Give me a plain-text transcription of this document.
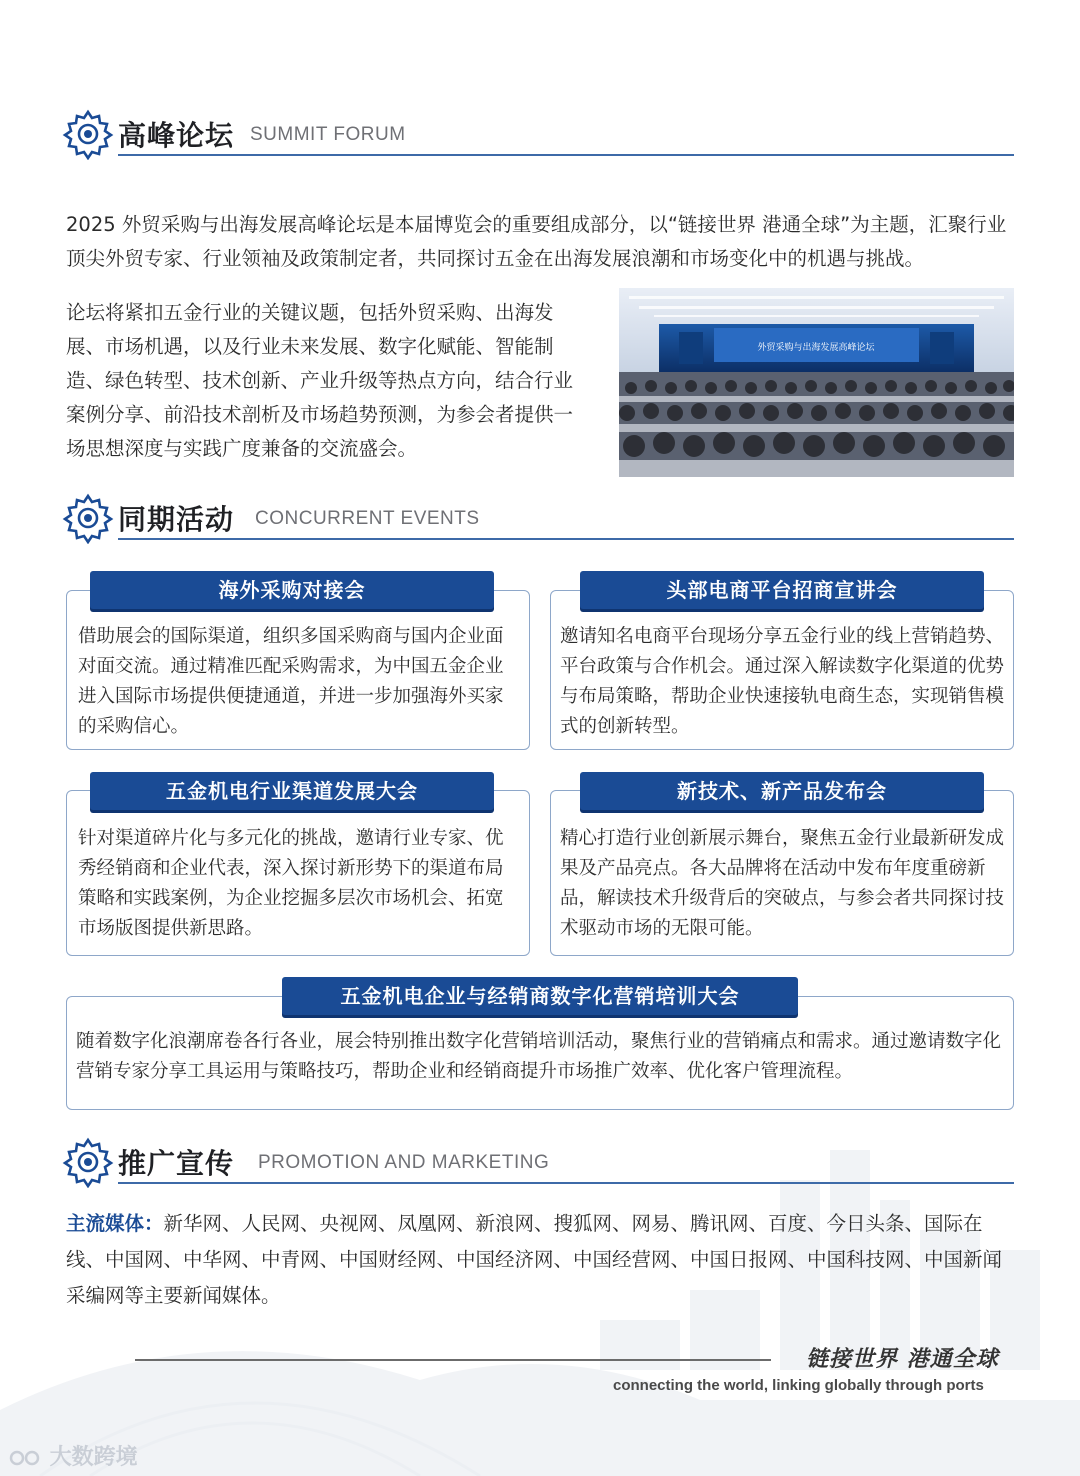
高峰论坛 SUMMIT FORUM
2025 外贸采购与出海发展高峰论坛是本届博览会的重要组成部分，以“链接世界 港通全球”为主题，汇聚行业顶尖外贸专家、行业领袖及政策制定者，共同探讨五金在出海发展浪潮和市场变化中的机遇与挑战。
论坛将紧扣五金行业的关键议题，包括外贸采购、出海发展、市场机遇，以及行业未来发展、数字化赋能、智能制造、绿色转型、技术创新、产业升级等热点方向，结合行业案例分享、前沿技术剖析及市场趋势预测，为参会者提供一场思想深度与实践广度兼备的交流盛会。
外贸采购与出海发展高峰论坛
同期活动 CONCURRENT EVENTS
海外采购对接会
借助展会的国际渠道，组织多国采购商与国内企业面对面交流。通过精准匹配采购需求，为中国五金企业进入国际市场提供便捷通道，并进一步加强海外买家的采购信心。
头部电商平台招商宣讲会
邀请知名电商平台现场分享五金行业的线上营销趋势、平台政策与合作机会。通过深入解读数字化渠道的优势与布局策略，帮助企业快速接轨电商生态，实现销售模式的创新转型。
五金机电行业渠道发展大会
针对渠道碎片化与多元化的挑战，邀请行业专家、优秀经销商和企业代表，深入探讨新形势下的渠道布局策略和实践案例，为企业挖掘多层次市场机会、拓宽市场版图提供新思路。
新技术、新产品发布会
精心打造行业创新展示舞台，聚焦五金行业最新研发成果及产品亮点。各大品牌将在活动中发布年度重磅新品，解读技术升级背后的突破点，与参会者共同探讨技术驱动市场的无限可能。
五金机电企业与经销商数字化营销培训大会
随着数字化浪潮席卷各行各业，展会特别推出数字化营销培训活动，聚焦行业的营销痛点和需求。通过邀请数字化营销专家分享工具运用与策略技巧，帮助企业和经销商提升市场推广效率、优化客户管理流程。
推广宣传 PROMOTION AND MARKETING
主流媒体：新华网、人民网、央视网、凤凰网、新浪网、搜狐网、网易、腾讯网、百度、今日头条、国际在线、中国网、中华网、中青网、中国财经网、中国经济网、中国经营网、中国日报网、中国科技网、中国新闻采编网等主要新闻媒体。
链接世界 港通全球
connecting the world, linking globally through ports
大数跨境
